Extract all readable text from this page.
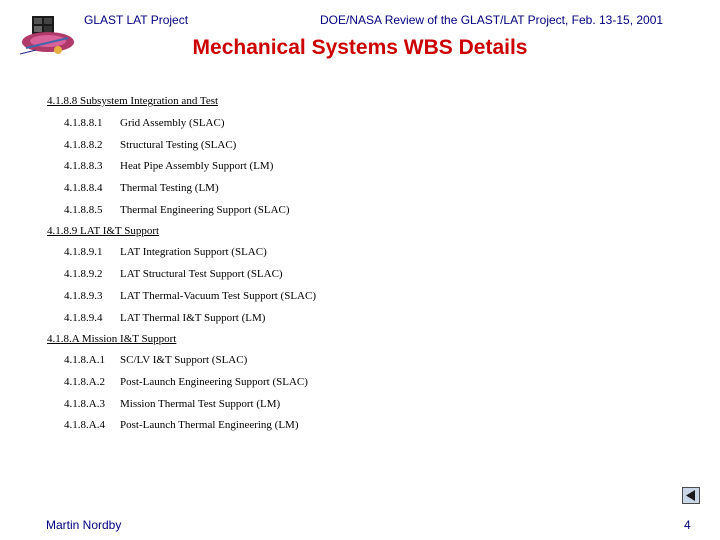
GLAST LAT Project	DOE/NASA Review of the GLAST/LAT Project, Feb. 13-15, 2001
Mechanical Systems WBS Details
4.1.8.8 Subsystem Integration and Test
4.1.8.8.1 Grid Assembly (SLAC)
4.1.8.8.2 Structural Testing (SLAC)
4.1.8.8.3 Heat Pipe Assembly Support (LM)
4.1.8.8.4 Thermal Testing (LM)
4.1.8.8.5 Thermal Engineering Support (SLAC)
4.1.8.9 LAT I&T Support
4.1.8.9.1 LAT Integration Support (SLAC)
4.1.8.9.2 LAT Structural Test Support (SLAC)
4.1.8.9.3 LAT Thermal-Vacuum Test Support (SLAC)
4.1.8.9.4 LAT Thermal I&T Support (LM)
4.1.8.A Mission I&T Support
4.1.8.A.1 SC/LV I&T Support (SLAC)
4.1.8.A.2 Post-Launch Engineering Support (SLAC)
4.1.8.A.3 Mission Thermal Test Support (LM)
4.1.8.A.4 Post-Launch Thermal Engineering (LM)
Martin Nordby	4
